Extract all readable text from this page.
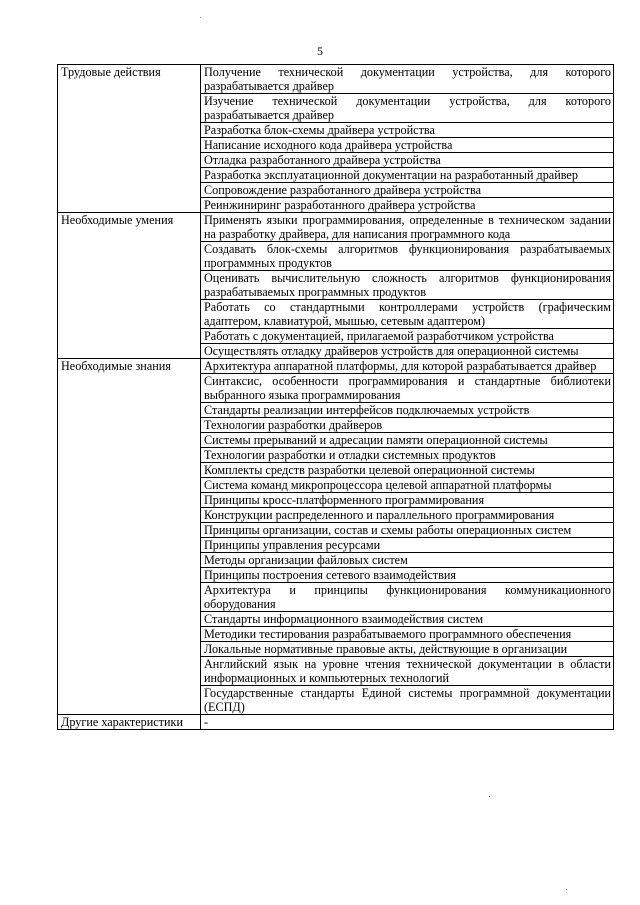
5
Трудовые действия	Получение технической документации устройства, для которого разрабатывается драйвер
	Изучение технической документации устройства, для которого разрабатывается драйвер
	Разработка блок-схемы драйвера устройства
	Написание исходного кода драйвера устройства
	Отладка разработанного драйвера устройства
	Разработка эксплуатационной документации на разработанный драйвер
	Сопровождение разработанного драйвера устройства
	Реинжиниринг разработанного драйвера устройства
Необходимые умения	Применять языки программирования, определенные в техническом задании на разработку драйвера, для написания программного кода
	Создавать блок-схемы алгоритмов функционирования разрабатываемых программных продуктов
	Оценивать вычислительную сложность алгоритмов функционирования разрабатываемых программных продуктов
	Работать со стандартными контроллерами устройств (графическим адаптером, клавиатурой, мышью, сетевым адаптером)
	Работать с документацией, прилагаемой разработчиком устройства
	Осуществлять отладку драйверов устройств для операционной системы
Необходимые знания	Архитектура аппаратной платформы, для которой разрабатывается драйвер
	Синтаксис, особенности программирования и стандартные библиотеки выбранного языка программирования
	Стандарты реализации интерфейсов подключаемых устройств
	Технологии разработки драйверов
	Системы прерываний и адресации памяти операционной системы
	Технологии разработки и отладки системных продуктов
	Комплекты средств разработки целевой операционной системы
	Система команд микропроцессора целевой аппаратной платформы
	Принципы кросс-платформенного программирования
	Конструкции распределенного и параллельного программирования
	Принципы организации, состав и схемы работы операционных систем
	Принципы управления ресурсами
	Методы организации файловых систем
	Принципы построения сетевого взаимодействия
	Архитектура и принципы функционирования коммуникационного оборудования
	Стандарты информационного взаимодействия систем
	Методики тестирования разрабатываемого программного обеспечения
	Локальные нормативные правовые акты, действующие в организации
	Английский язык на уровне чтения технической документации в области информационных и компьютерных технологий
	Государственные стандарты Единой системы программной документации (ЕСПД)
Другие характеристики	-
